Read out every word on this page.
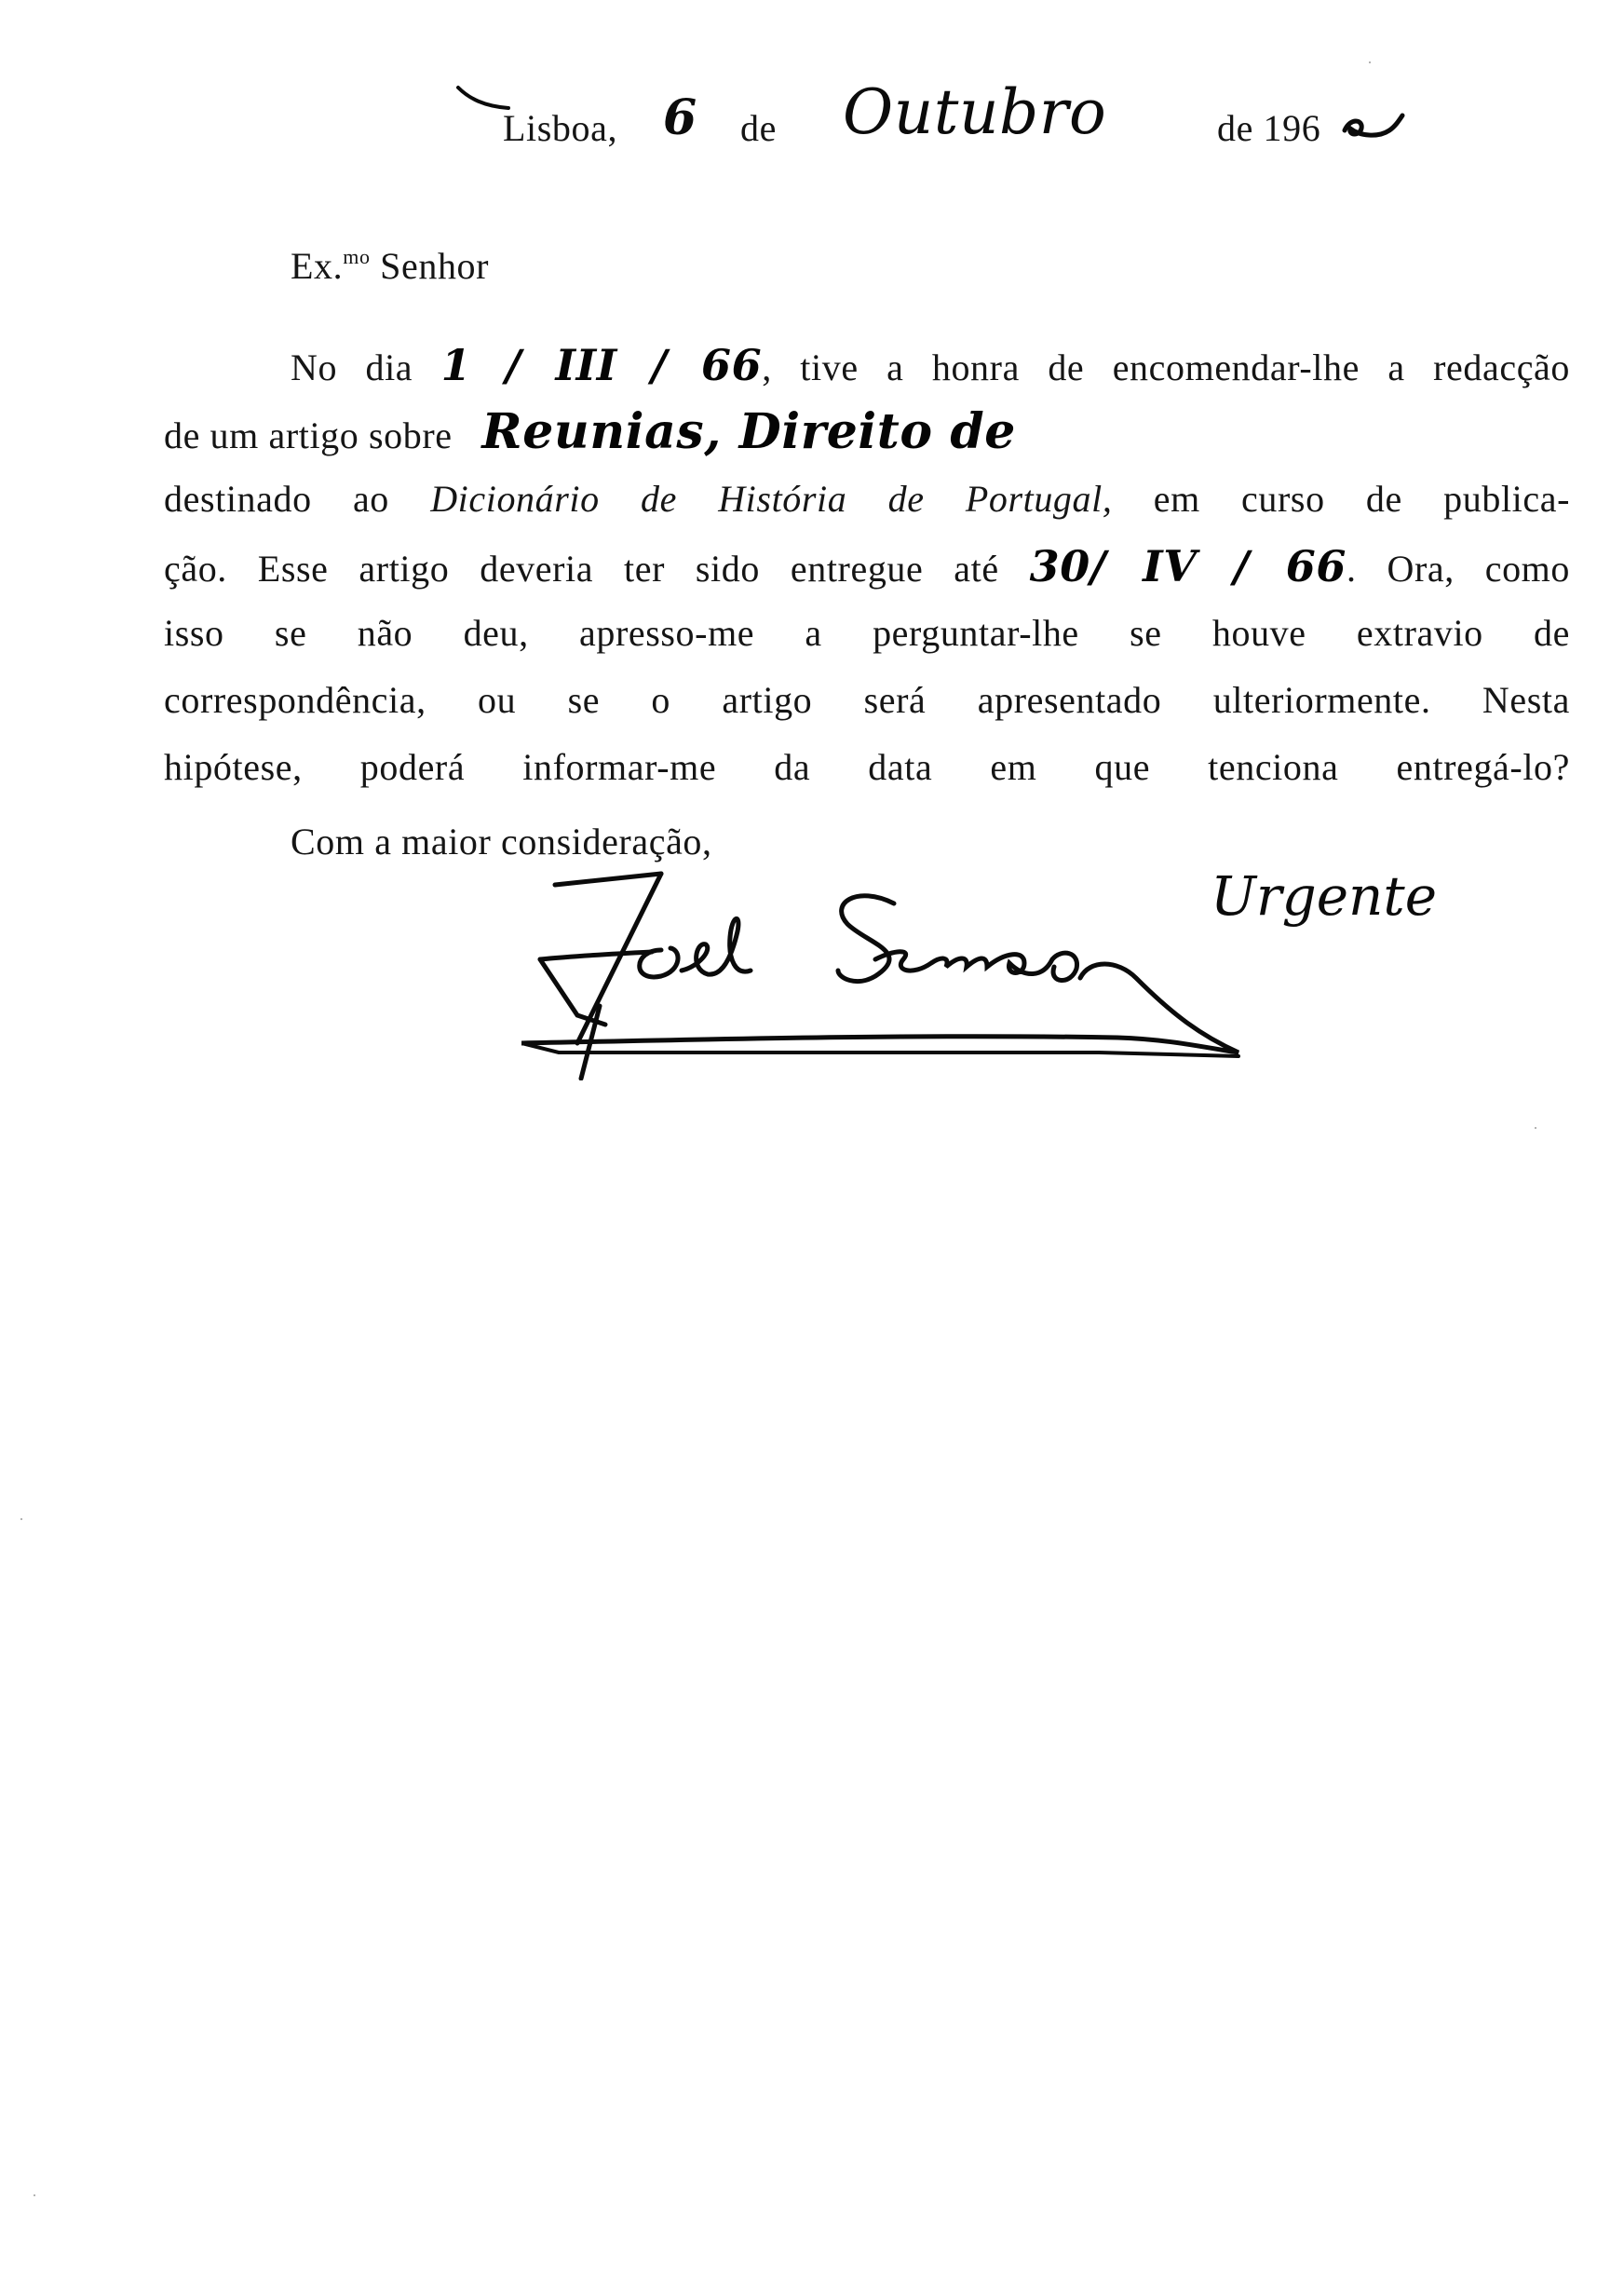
Lisboa, 6 de Outubro	de 196
Ex.$^{mo}$ Senhor
No dia 1 / III / 66, tive a honra de encomendar-lhe a redacção
de um artigo sobre Reunias, Direito de
destinado ao Dicionário de História de Portugal, em curso de publica-
ção. Esse artigo deveria ter sido entregue até 30/ IV / 66. Ora, como
isso se não deu, apresso-me a perguntar-lhe se houve extravio de
correspondência, ou se o artigo será apresentado ulteriormente. Nesta
hipótese, poderá informar-me da data em que tenciona entregá-lo?
Com a maior consideração,
Urgente
